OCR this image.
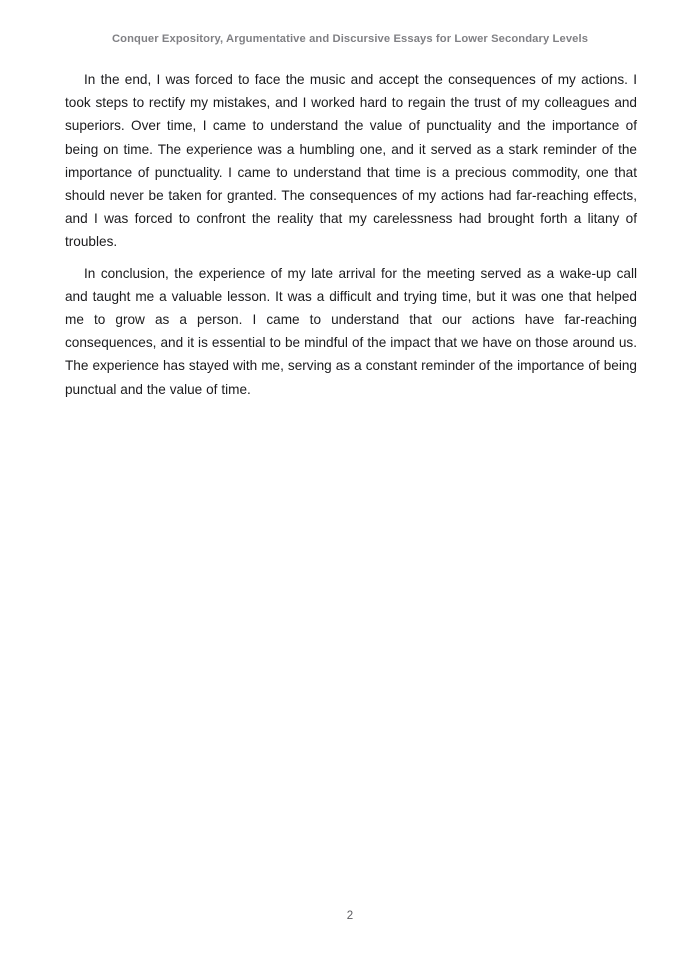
Conquer Expository, Argumentative and Discursive Essays for Lower Secondary Levels

In the end, I was forced to face the music and accept the consequences of my actions. I took steps to rectify my mistakes, and I worked hard to regain the trust of my colleagues and superiors. Over time, I came to understand the value of punctuality and the importance of being on time. The experience was a humbling one, and it served as a stark reminder of the importance of punctuality. I came to understand that time is a precious commodity, one that should never be taken for granted. The consequences of my actions had far-reaching effects, and I was forced to confront the reality that my carelessness had brought forth a litany of troubles.

In conclusion, the experience of my late arrival for the meeting served as a wake-up call and taught me a valuable lesson. It was a difficult and trying time, but it was one that helped me to grow as a person. I came to understand that our actions have far-reaching consequences, and it is essential to be mindful of the impact that we have on those around us. The experience has stayed with me, serving as a constant reminder of the importance of being punctual and the value of time.

2
